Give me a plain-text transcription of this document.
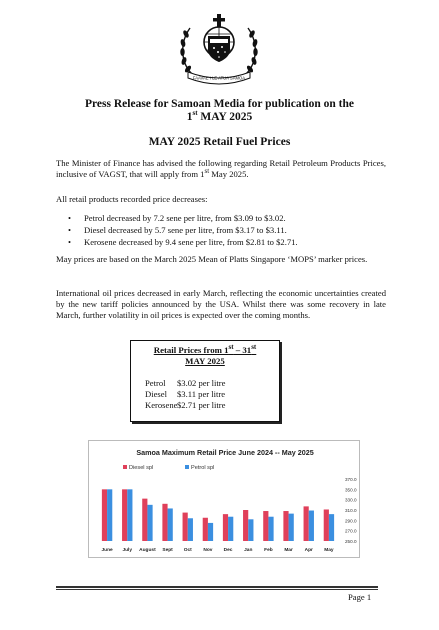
FAAVAE I LE ATUA SAMOA
Press Release for Samoan Media for publication on the
1st MAY 2025
MAY 2025 Retail Fuel Prices
The Minister of Finance has advised the following regarding Retail Petroleum Products Prices, inclusive of VAGST, that will apply from 1st May 2025.
All retail products recorded price decreases:
• Petrol decreased by 7.2 sene per litre, from $3.09 to $3.02.
• Diesel decreased by 5.7 sene per litre, from $3.17 to $3.11.
• Kerosene decreased by 9.4 sene per litre, from $2.81 to $2.71.
May prices are based on the March 2025 Mean of Platts Singapore ‘MOPS’ marker prices.
International oil prices decreased in early March, reflecting the economic uncertainties created by the new tariff policies announced by the USA. Whilst there was some recovery in late March, further volatility in oil prices is expected over the coming months.
Retail Prices from 1st – 31st
MAY 2025
Petrol $3.02 per litre
Diesel $3.11 per litre
Kerosene$2.71 per litre
Samoa Maximum Retail Price June 2024 -- May 2025
Diesel spl	Petrol spl
370.0
350.0
330.0
310.0
290.0
270.0
250.0
June July August Sept Oct Nov Dec Jan Feb Mar Apr May
Page 1
